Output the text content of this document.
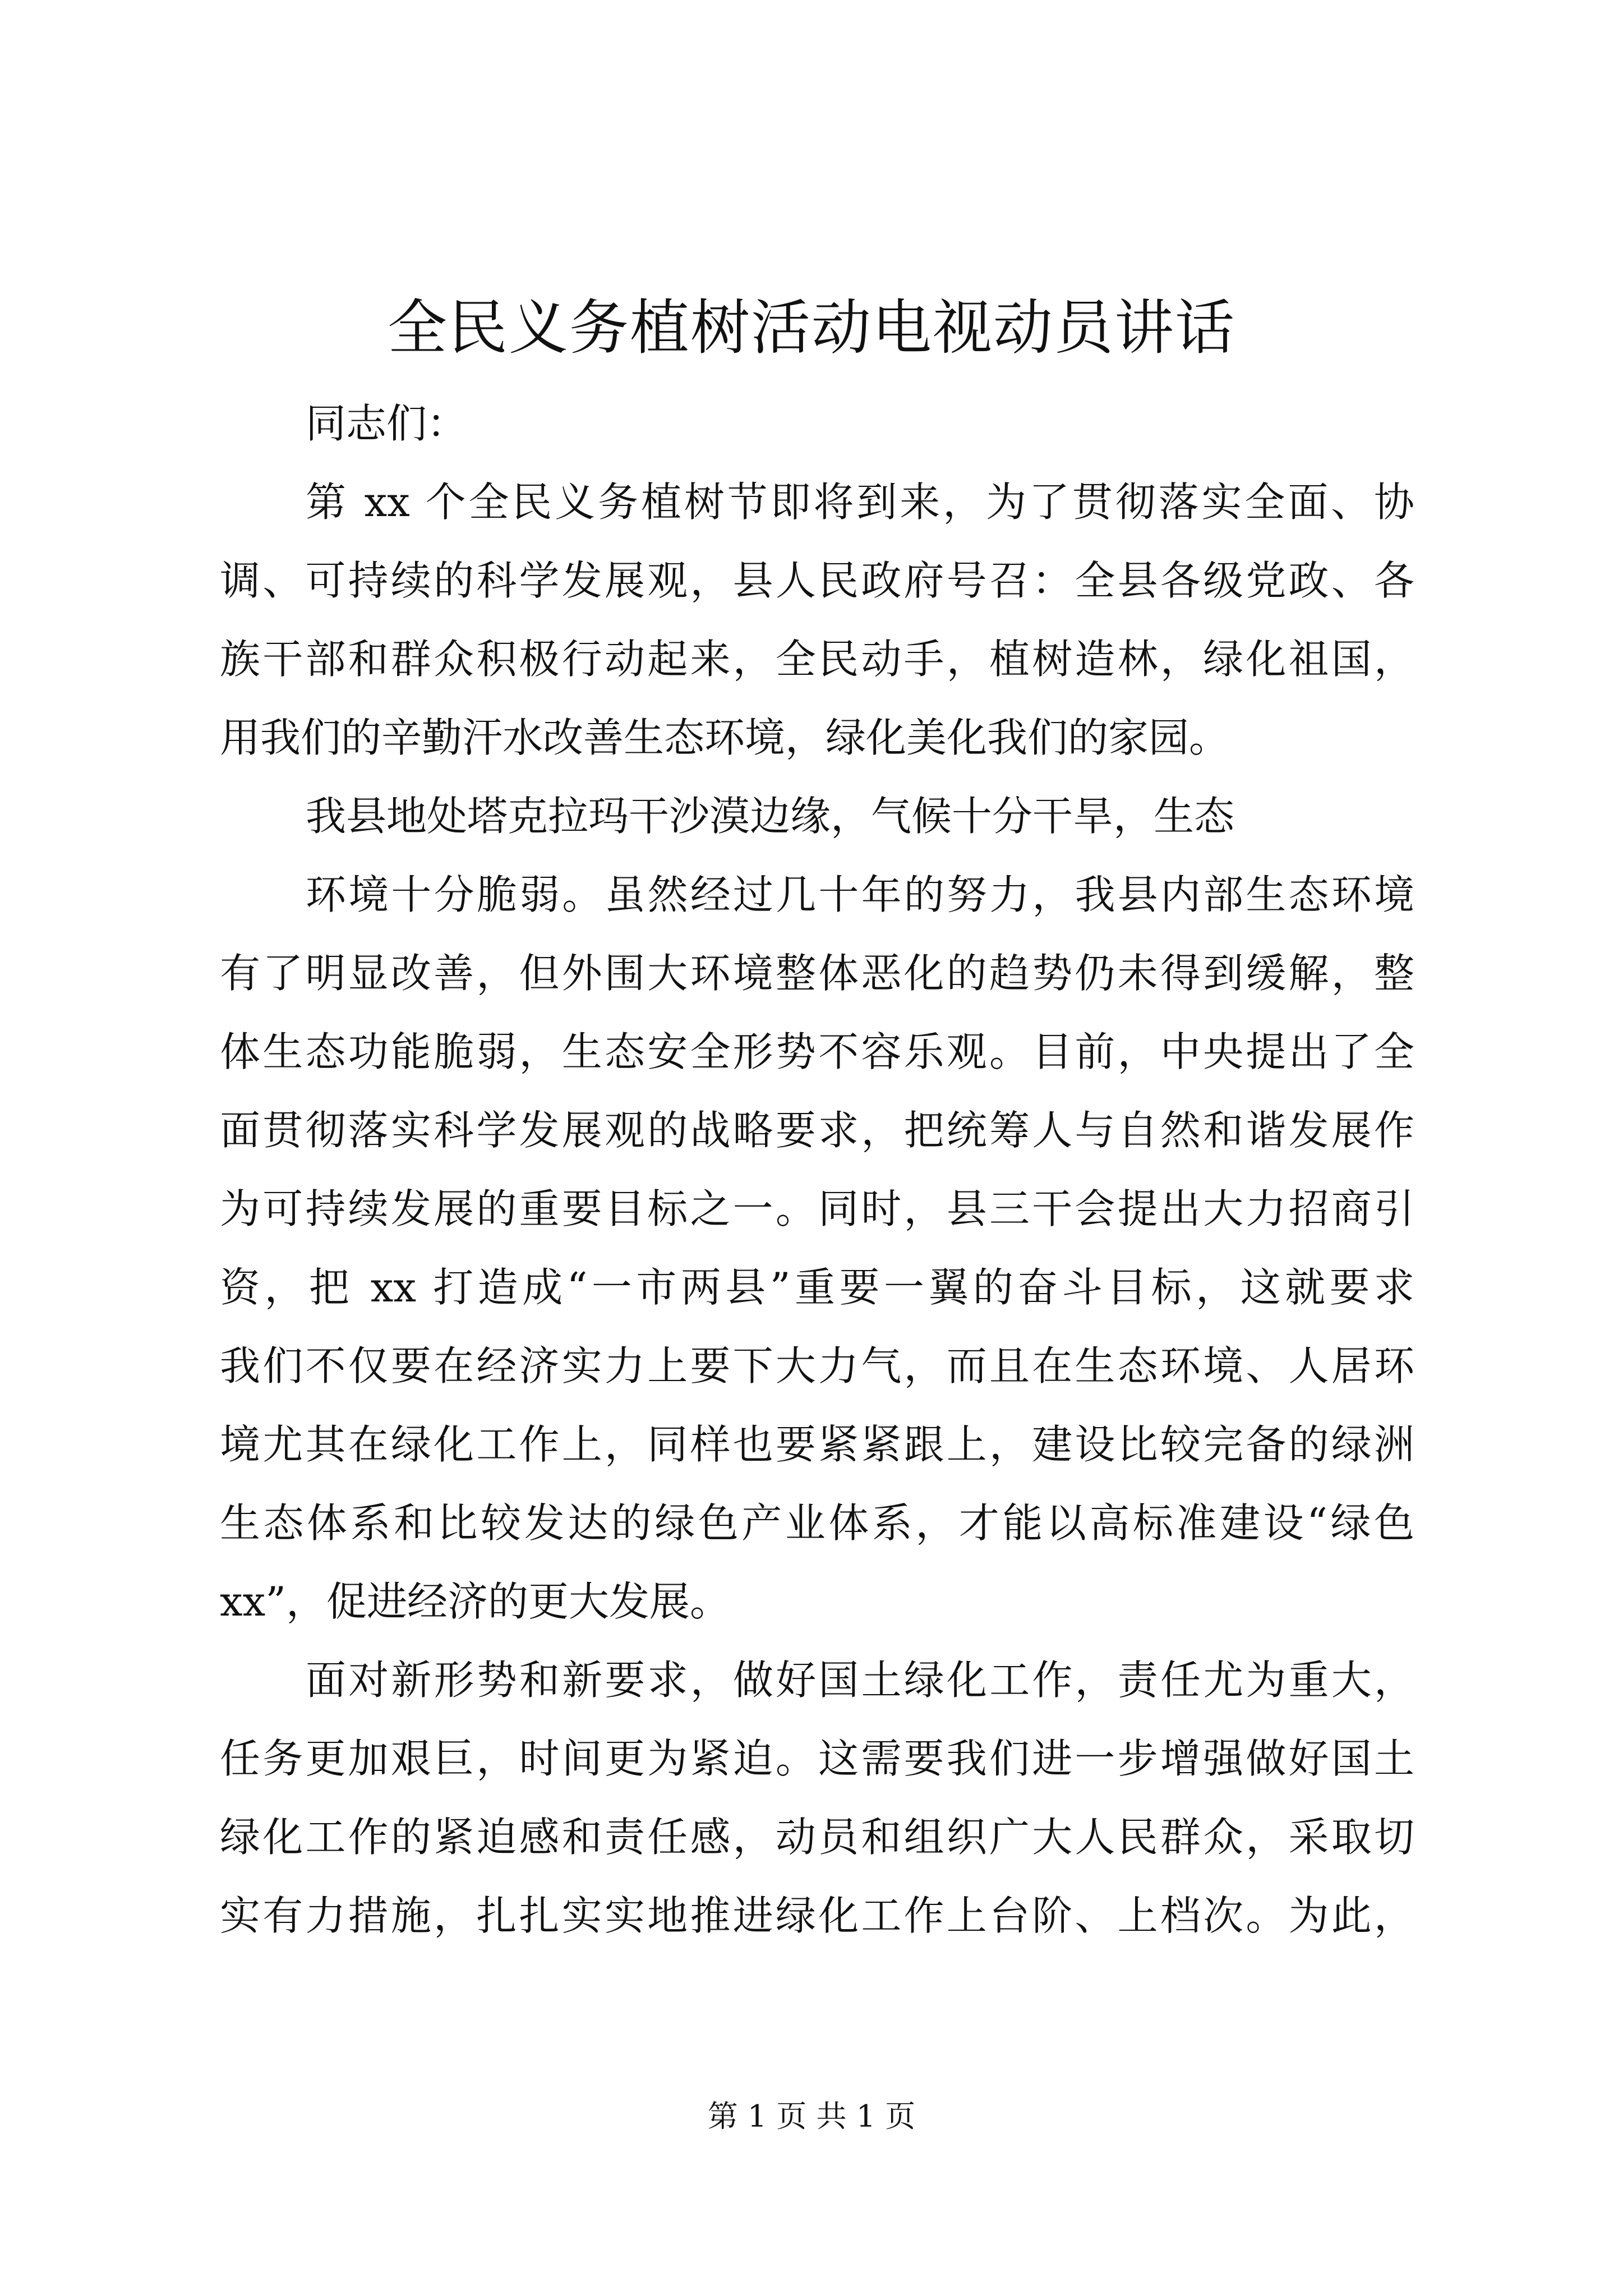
全民义务植树活动电视动员讲话
同志们：
第 xx 个全民义务植树节即将到来，为了贯彻落实全面、协
调、可持续的科学发展观，县人民政府号召：全县各级党政、各
族干部和群众积极行动起来，全民动手，植树造林，绿化祖国，
用我们的辛勤汗水改善生态环境，绿化美化我们的家园。
我县地处塔克拉玛干沙漠边缘，气候十分干旱，生态
环境十分脆弱。虽然经过几十年的努力，我县内部生态环境
有了明显改善，但外围大环境整体恶化的趋势仍未得到缓解，整
体生态功能脆弱，生态安全形势不容乐观。目前，中央提出了全
面贯彻落实科学发展观的战略要求，把统筹人与自然和谐发展作
为可持续发展的重要目标之一。同时，县三干会提出大力招商引
资，把 xx 打造成“一市两县”重要一翼的奋斗目标，这就要求
我们不仅要在经济实力上要下大力气，而且在生态环境、人居环
境尤其在绿化工作上，同样也要紧紧跟上，建设比较完备的绿洲
生态体系和比较发达的绿色产业体系，才能以高标准建设“绿色
xx”，促进经济的更大发展。
面对新形势和新要求，做好国土绿化工作，责任尤为重大，
任务更加艰巨，时间更为紧迫。这需要我们进一步增强做好国土
绿化工作的紧迫感和责任感，动员和组织广大人民群众，采取切
实有力措施，扎扎实实地推进绿化工作上台阶、上档次。为此，
第 1 页 共 1 页
